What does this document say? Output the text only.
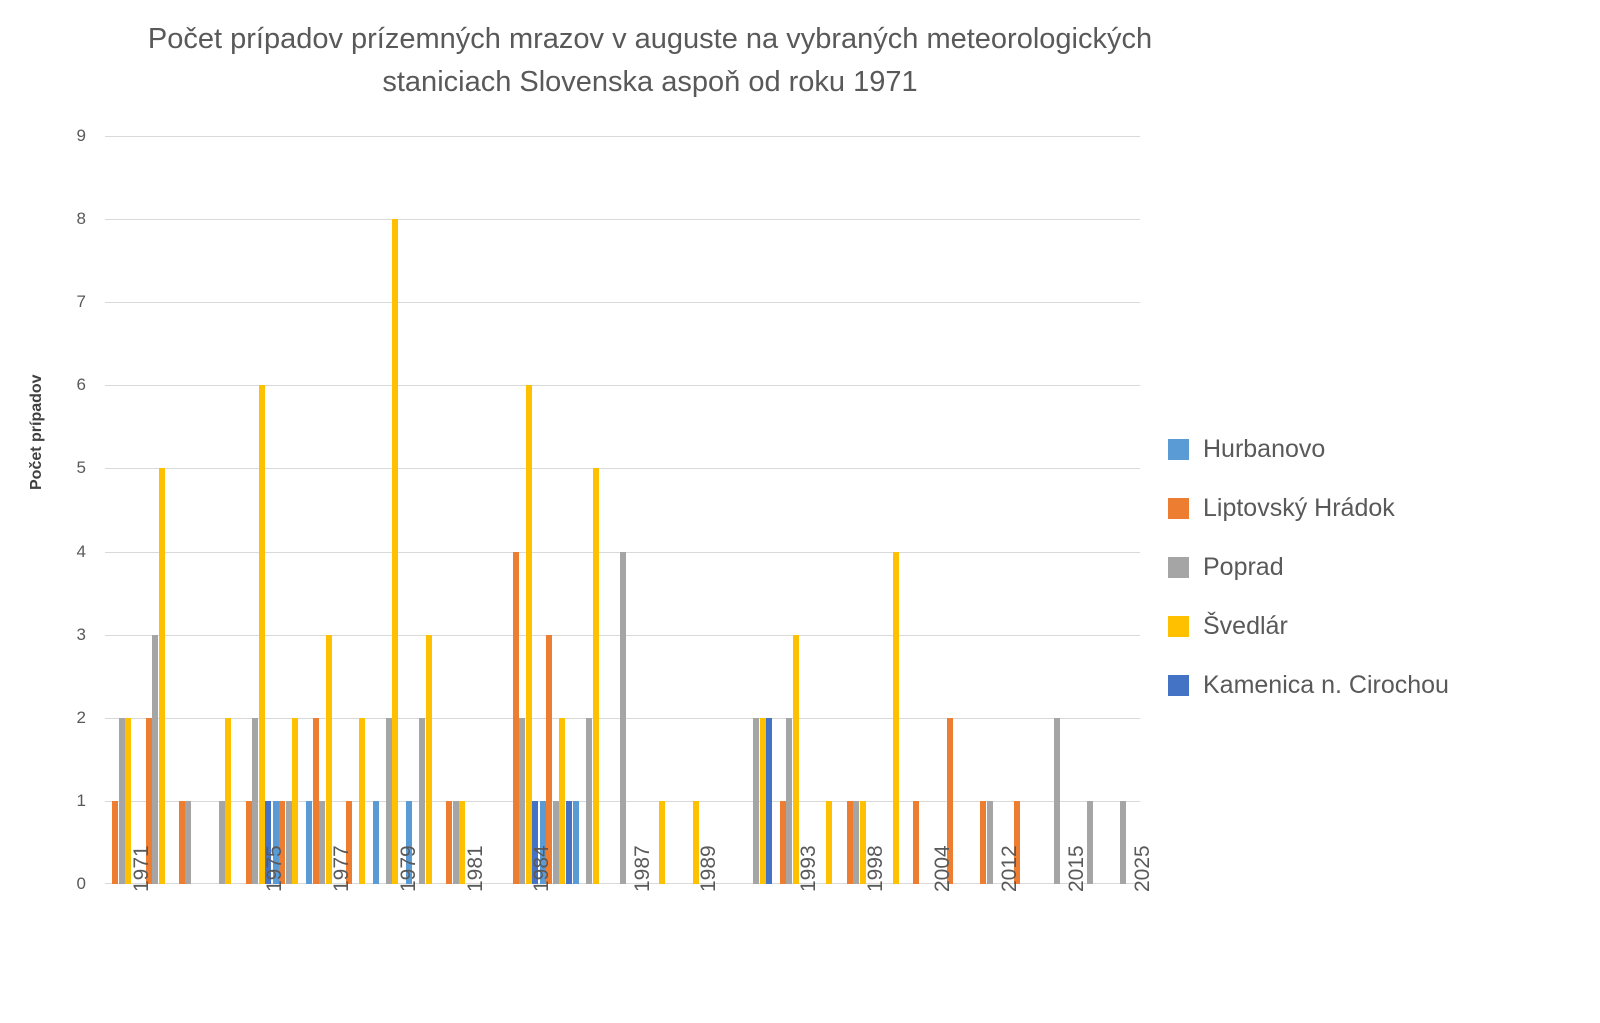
Počet prípadov prízemných mrazov v auguste na vybraných meteorologických
staniciach Slovenska aspoň od roku 1971
Počet prípadov
0
1
2
3
4
5
6
7
8
9
1971	1975 1977 1979 1981 1984	1987 1989	1993 1998 2004 2012 2015 2025
Hurbanovo
Liptovský Hrádok
Poprad
Švedlár
Kamenica n. Cirochou
